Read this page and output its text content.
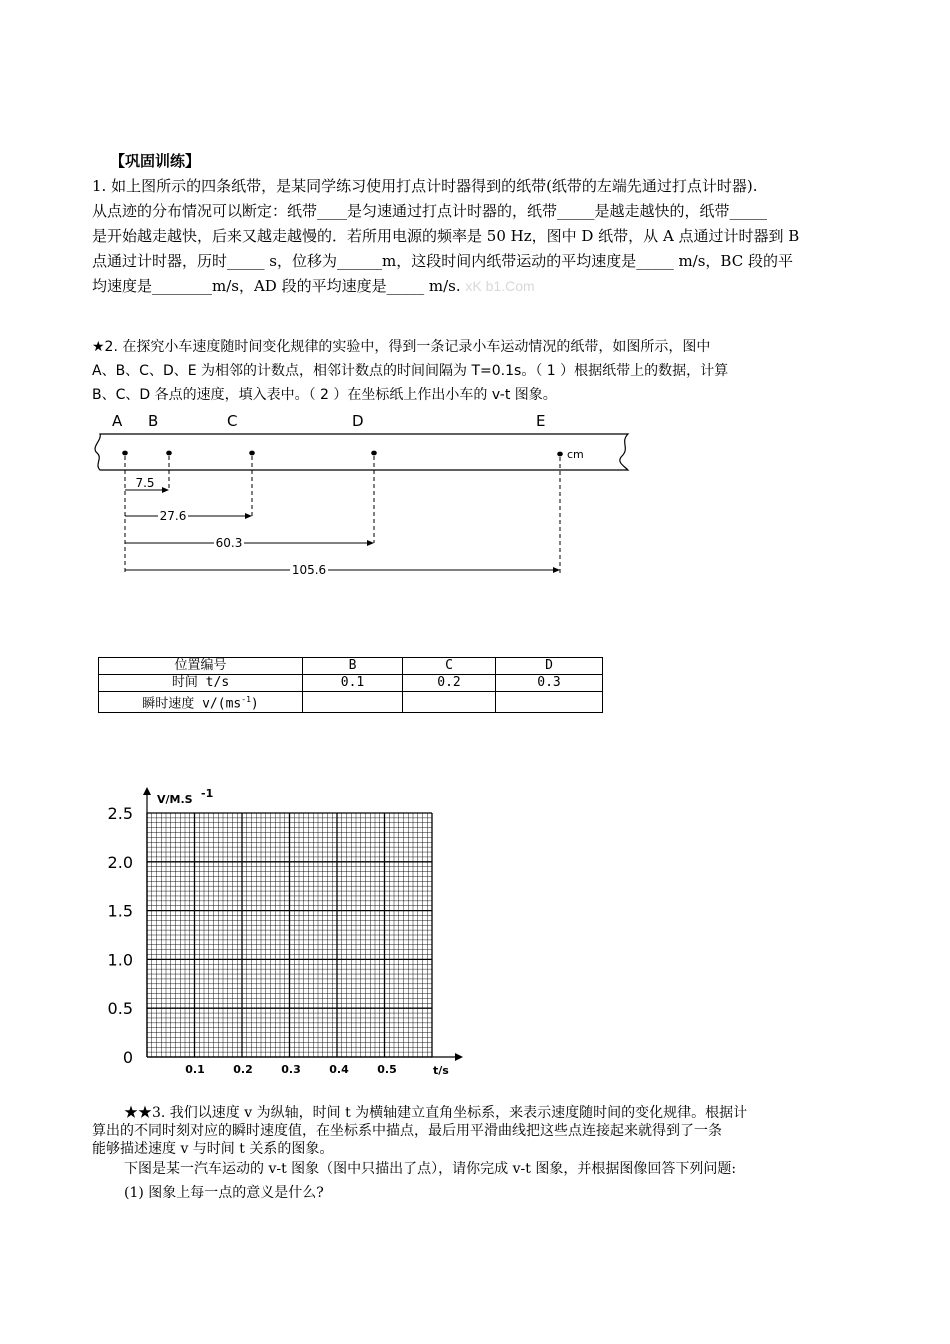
【巩固训练】
1. 如上图所示的四条纸带，是某同学练习使用打点计时器得到的纸带(纸带的左端先通过打点计时器).
从点迹的分布情况可以断定：纸带____是匀速通过打点计时器的，纸带_____是越走越快的，纸带_____
是开始越走越快，后来又越走越慢的．若所用电源的频率是 50 Hz，图中 D 纸带，从 A 点通过计时器到 B
点通过计时器，历时_____ s，位移为______m，这段时间内纸带运动的平均速度是_____ m/s，BC 段的平
均速度是________m/s，AD 段的平均速度是_____ m/s. xK b1.Com
★2. 在探究小车速度随时间变化规律的实验中，得到一条记录小车运动情况的纸带，如图所示，图中
A、B、C、D、E 为相邻的计数点，相邻计数点的时间间隔为 T=0.1s。（ 1 ）根据纸带上的数据，计算
B、C、D 各点的速度，填入表中。（ 2 ）在坐标纸上作出小车的 v-t 图象。
A B	C	D	E
cm
7.5
27.6
60.3
105.6
位置编号	B	C	D
时间 t/s	0.1	0.2	0.3
瞬时速度 $v/(ms^{-1})$			
0
0.5
1.0
1.5
2.0
2.5
0.1	0.2	0.3	0.4	0.5
V/M.S -1
t/s
★★3. 我们以速度 v 为纵轴，时间 t 为横轴建立直角坐标系，来表示速度随时间的变化规律。根据计
算出的不同时刻对应的瞬时速度值，在坐标系中描点，最后用平滑曲线把这些点连接起来就得到了一条
能够描述速度 v 与时间 t 关系的图象。
下图是某一汽车运动的 v-t 图象（图中只描出了点），请你完成 v-t 图象，并根据图像回答下列问题:
(1) 图象上每一点的意义是什么?
